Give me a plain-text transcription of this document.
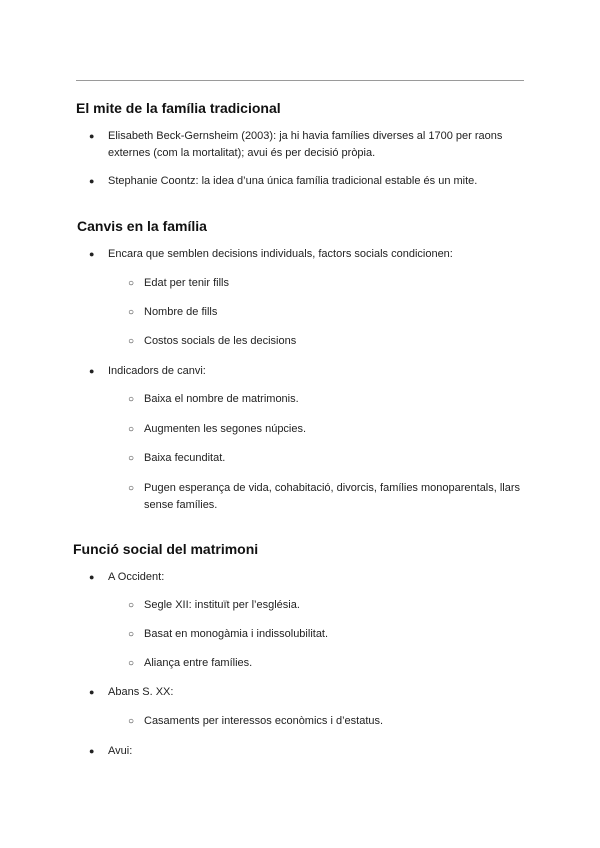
El mite de la família tradicional
● Elisabeth Beck-Gernsheim (2003): ja hi havia famílies diverses al 1700 per raons externes (com la mortalitat); avui és per decisió pròpia.
● Stephanie Coontz: la idea d’una única família tradicional estable és un mite.
Canvis en la família
● Encara que semblen decisions individuals, factors socials condicionen:
○ Edat per tenir fills
○ Nombre de fills
○ Costos socials de les decisions
● Indicadors de canvi:
○ Baixa el nombre de matrimonis.
○ Augmenten les segones núpcies.
○ Baixa fecunditat.
○ Pugen esperança de vida, cohabitació, divorcis, famílies monoparentals, llars sense famílies.
Funció social del matrimoni
● A Occident:
○ Segle XII: instituït per l’església.
○ Basat en monogàmia i indissolubilitat.
○ Aliança entre famílies.
● Abans S. XX:
○ Casaments per interessos econòmics i d’estatus.
● Avui:
